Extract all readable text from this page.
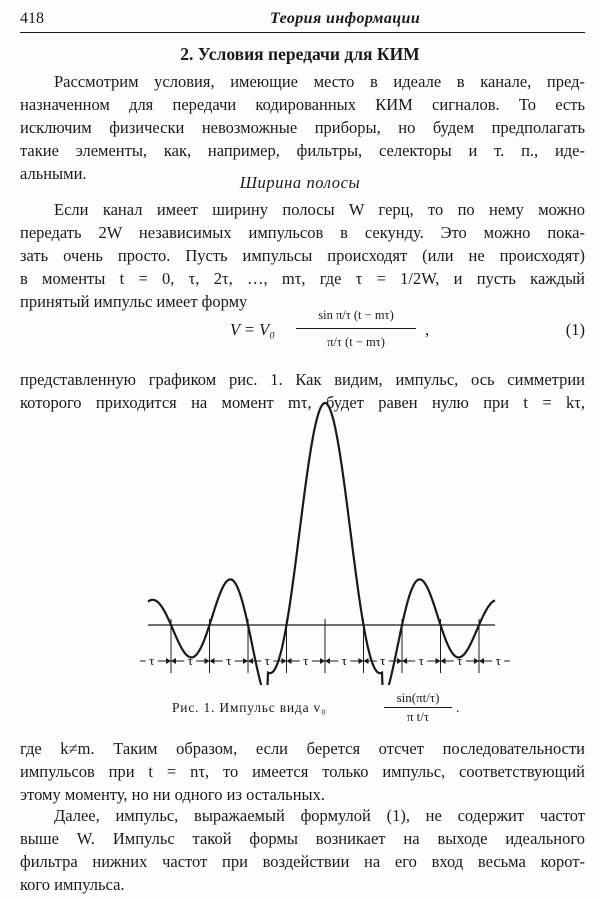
418	Теория информации
2. Условия передачи для КИМ
Рассмотрим условия, имеющие место в идеале в канале, пред-
назначенном для передачи кодированных КИМ сигналов. То есть
исключим физически невозможные приборы, но будем предполагать
такие элементы, как, например, фильтры, селекторы и т. п., иде-
альными.	Ширина полосы
Если канал имеет ширину полосы W герц, то по нему можно
передать 2W независимых импульсов в секунду. Это можно пока-
зать очень просто. Пусть импульсы происходят (или не происходят)
в моменты t = 0, τ, 2τ, …, mτ, где τ = 1/2W, и пусть каждый
принятый импульс имеет форму
V = V₀
sin π/τ (t − mτ)
π/τ (t − mτ)
,	(1)
представленную графиком рис. 1. Как видим, импульс, ось симметрии
которого приходится на момент mτ, будет равен нулю при t = kτ,
τ	τ	τ	τ	τ	τ	τ	τ	τ	τ
Рис. 1. Импульс вида v₀
sin(πt/τ)
π t/τ
.
где k≠m. Таким образом, если берется отсчет последовательности
импульсов при t = nτ, то имеется только импульс, соответствующий
этому моменту, но ни одного из остальных.
Далее, импульс, выражаемый формулой (1), не содержит частот
выше W. Импульс такой формы возникает на выходе идеального
фильтра нижних частот при воздействии на его вход весьма корот-
кого импульса.
